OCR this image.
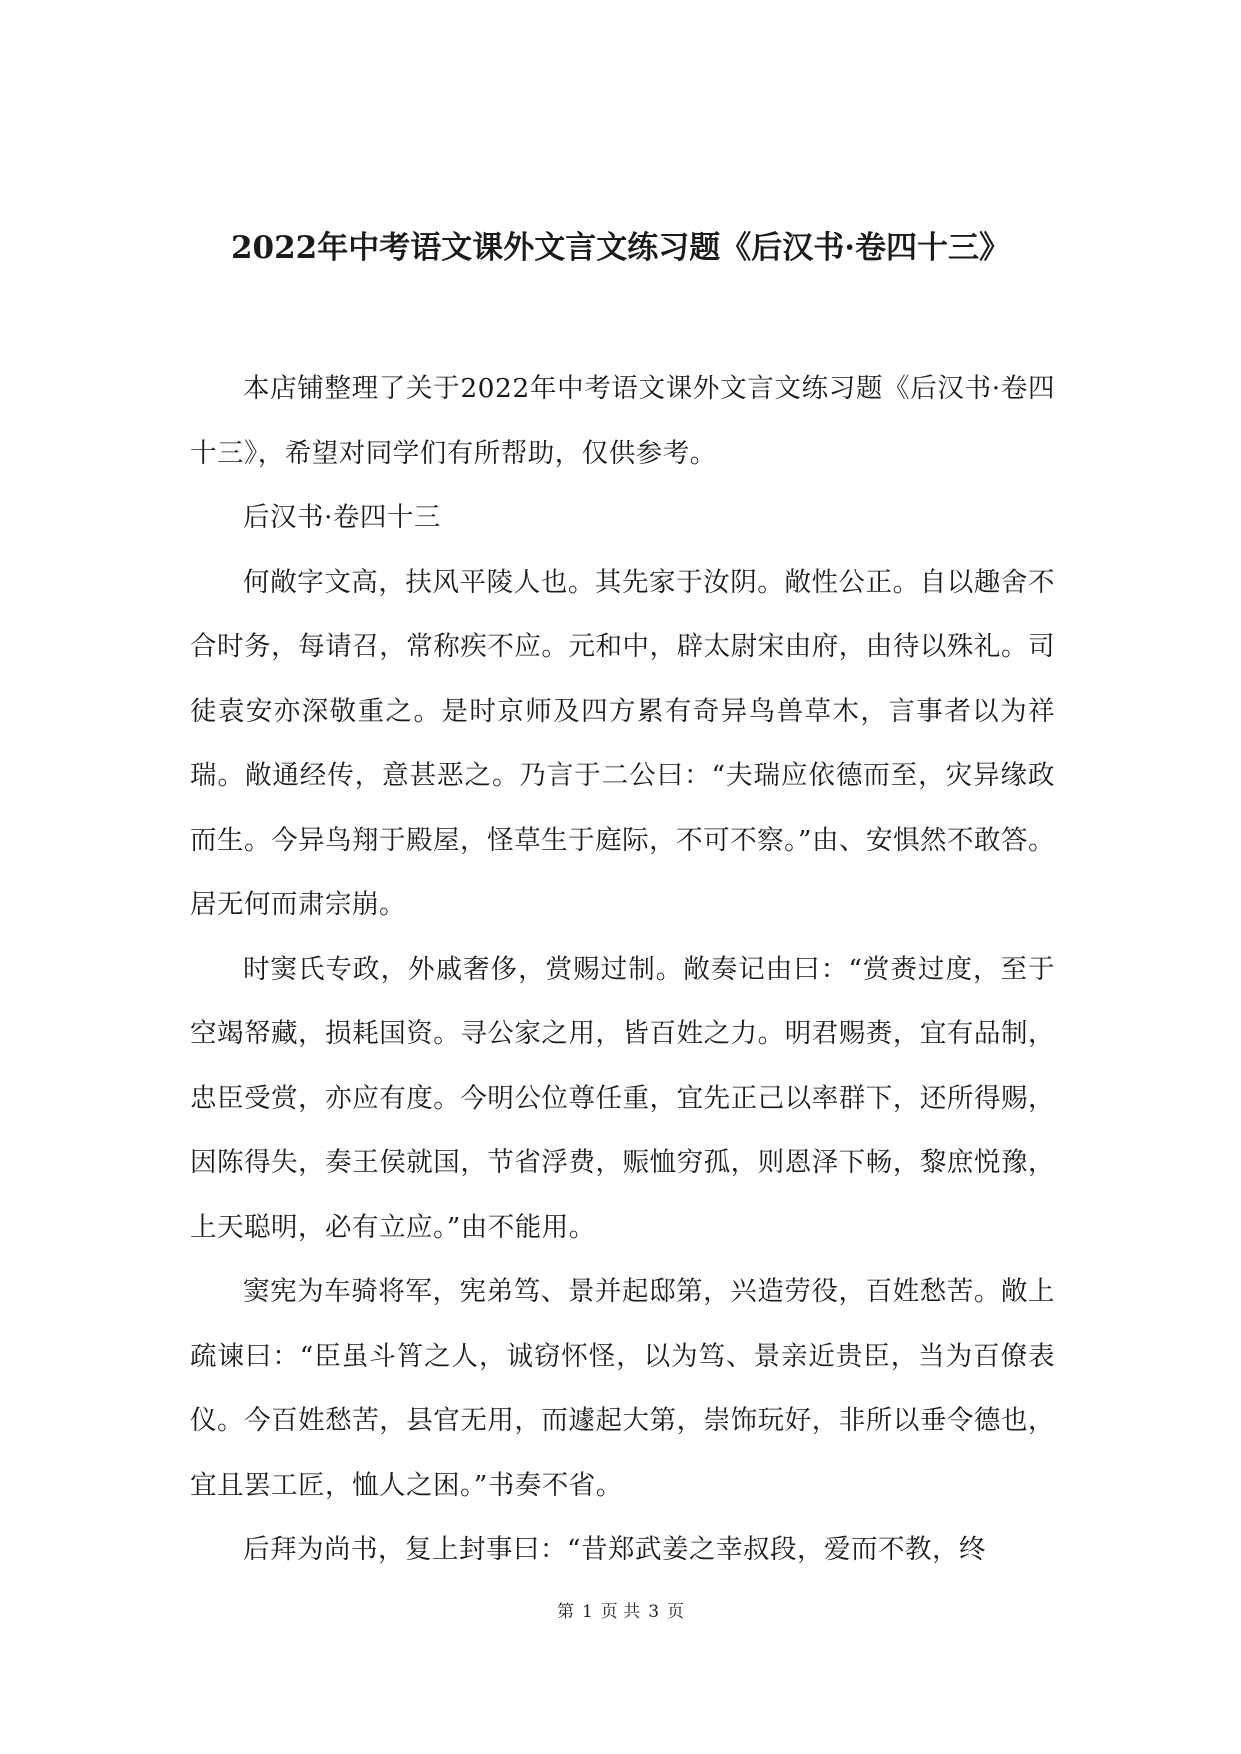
2022年中考语文课外文言文练习题《后汉书·卷四十三》

本店铺整理了关于2022年中考语文课外文言文练习题《后汉书·卷四十三》，希望对同学们有所帮助，仅供参考。

后汉书·卷四十三

何敞字文高，扶风平陵人也。其先家于汝阴。敞性公正。自以趣舍不合时务，每请召，常称疾不应。元和中，辟太尉宋由府，由待以殊礼。司徒袁安亦深敬重之。是时京师及四方累有奇异鸟兽草木，言事者以为祥瑞。敞通经传，意甚恶之。乃言于二公曰：“夫瑞应依德而至，灾异缘政而生。今异鸟翔于殿屋，怪草生于庭际，不可不察。”由、安惧然不敢答。居无何而肃宗崩。

时窦氏专政，外戚奢侈，赏赐过制。敞奏记由曰：“赏赉过度，至于空竭帑藏，损耗国资。寻公家之用，皆百姓之力。明君赐赉，宜有品制，忠臣受赏，亦应有度。今明公位尊任重，宜先正己以率群下，还所得赐，因陈得失，奏王侯就国，节省浮费，赈恤穷孤，则恩泽下畅，黎庶悦豫，上天聪明，必有立应。”由不能用。

窦宪为车骑将军，宪弟笃、景并起邸第，兴造劳役，百姓愁苦。敞上疏谏曰：“臣虽斗筲之人，诚窃怀怪，以为笃、景亲近贵臣，当为百僚表仪。今百姓愁苦，县官无用，而遽起大第，崇饰玩好，非所以垂令德也，宜且罢工匠，恤人之困。”书奏不省。

后拜为尚书，复上封事曰：“昔郑武姜之幸叔段，爱而不教，终

第 1 页 共 3 页
